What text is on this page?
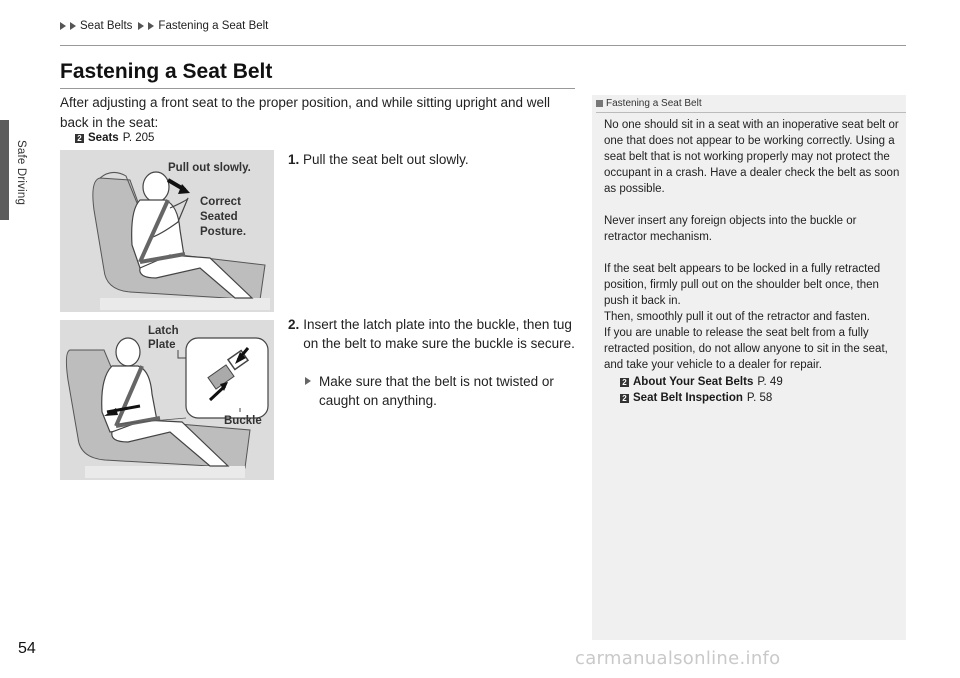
Safe Driving
Seat Belts Fastening a Seat Belt
Fastening a Seat Belt
After adjusting a front seat to the proper position, and while sitting upright and well back in the seat:
2 Seats P. 205
Pull out slowly.
Correct
Seated
Posture.
Latch
Plate
Buckle
1. Pull the seat belt out slowly.
2. Insert the latch plate into the buckle, then tug on the belt to make sure the buckle is secure.
Make sure that the belt is not twisted or caught on anything.
Fastening a Seat Belt

No one should sit in a seat with an inoperative seat belt or one that does not appear to be working correctly. Using a seat belt that is not working properly may not protect the occupant in a crash. Have a dealer check the belt as soon as possible.

Never insert any foreign objects into the buckle or retractor mechanism.

If the seat belt appears to be locked in a fully retracted position, firmly pull out on the shoulder belt once, then push it back in.
Then, smoothly pull it out of the retractor and fasten.
If you are unable to release the seat belt from a fully retracted position, do not allow anyone to sit in the seat, and take your vehicle to a dealer for repair.
2 About Your Seat Belts P. 49
2 Seat Belt Inspection P. 58
54	carmanualsonline.info
